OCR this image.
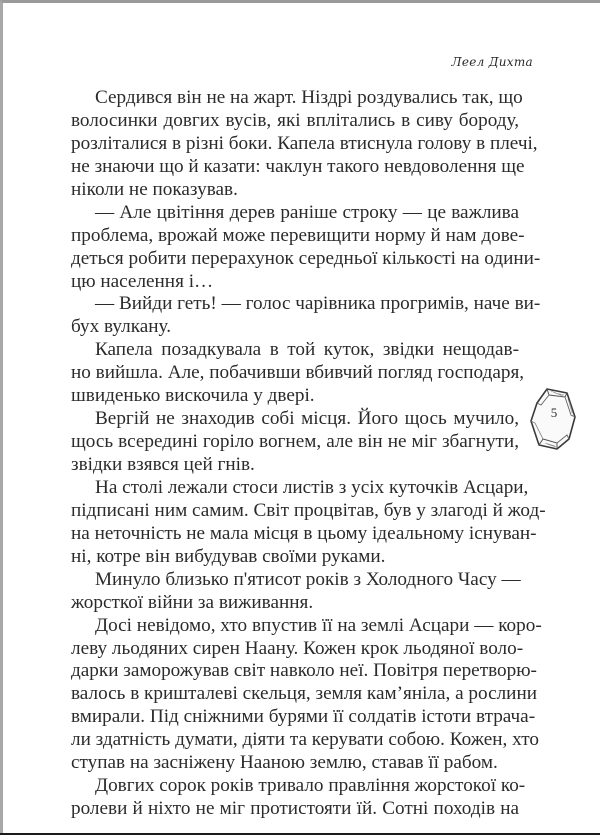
Леел Дихта
Сердився він не на жарт. Ніздрі роздувались так, що
волосинки довгих вусів, які вплітались в сиву бороду,
розліталися в різні боки. Капела втиснула голову в плечі,
не знаючи що й казати: чаклун такого невдоволення ще
ніколи не показував.
— Але цвітіння дерев раніше строку — це важлива
проблема, врожай може перевищити норму й нам дове-
деться робити перерахунок середньої кількості на одини-
цю населення і…
— Вийди геть! — голос чарівника прогримів, наче ви-
бух вулкану.
Капела позадкувала в той куток, звідки нещодав-
но вийшла. Але, побачивши вбивчий погляд господаря,
швиденько вискочила у двері.
Вергій не знаходив собі місця. Його щось мучило,
щось всередині горіло вогнем, але він не міг збагнути,
звідки взявся цей гнів.
На столі лежали стоси листів з усіх куточків Асцари,
підписані ним самим. Світ процвітав, був у злагоді й жод-
на неточність не мала місця в цьому ідеальному існуван-
ні, котре він вибудував своїми руками.
Минуло близько п'ятисот років з Холодного Часу —
жорсткої війни за виживання.
Досі невідомо, хто впустив її на землі Асцари — коро-
леву льодяних сирен Наану. Кожен крок льодяної воло-
дарки заморожував світ навколо неї. Повітря перетворю-
валось в кришталеві скельця, земля кам’яніла, а рослини
вмирали. Під сніжними бурями її солдатів істоти втрача-
ли здатність думати, діяти та керувати собою. Кожен, хто
ступав на засніжену Нааною землю, ставав її рабом.
Довгих сорок років тривало правління жорстокої ко-
ролеви й ніхто не міг протистояти їй. Сотні походів на
5
